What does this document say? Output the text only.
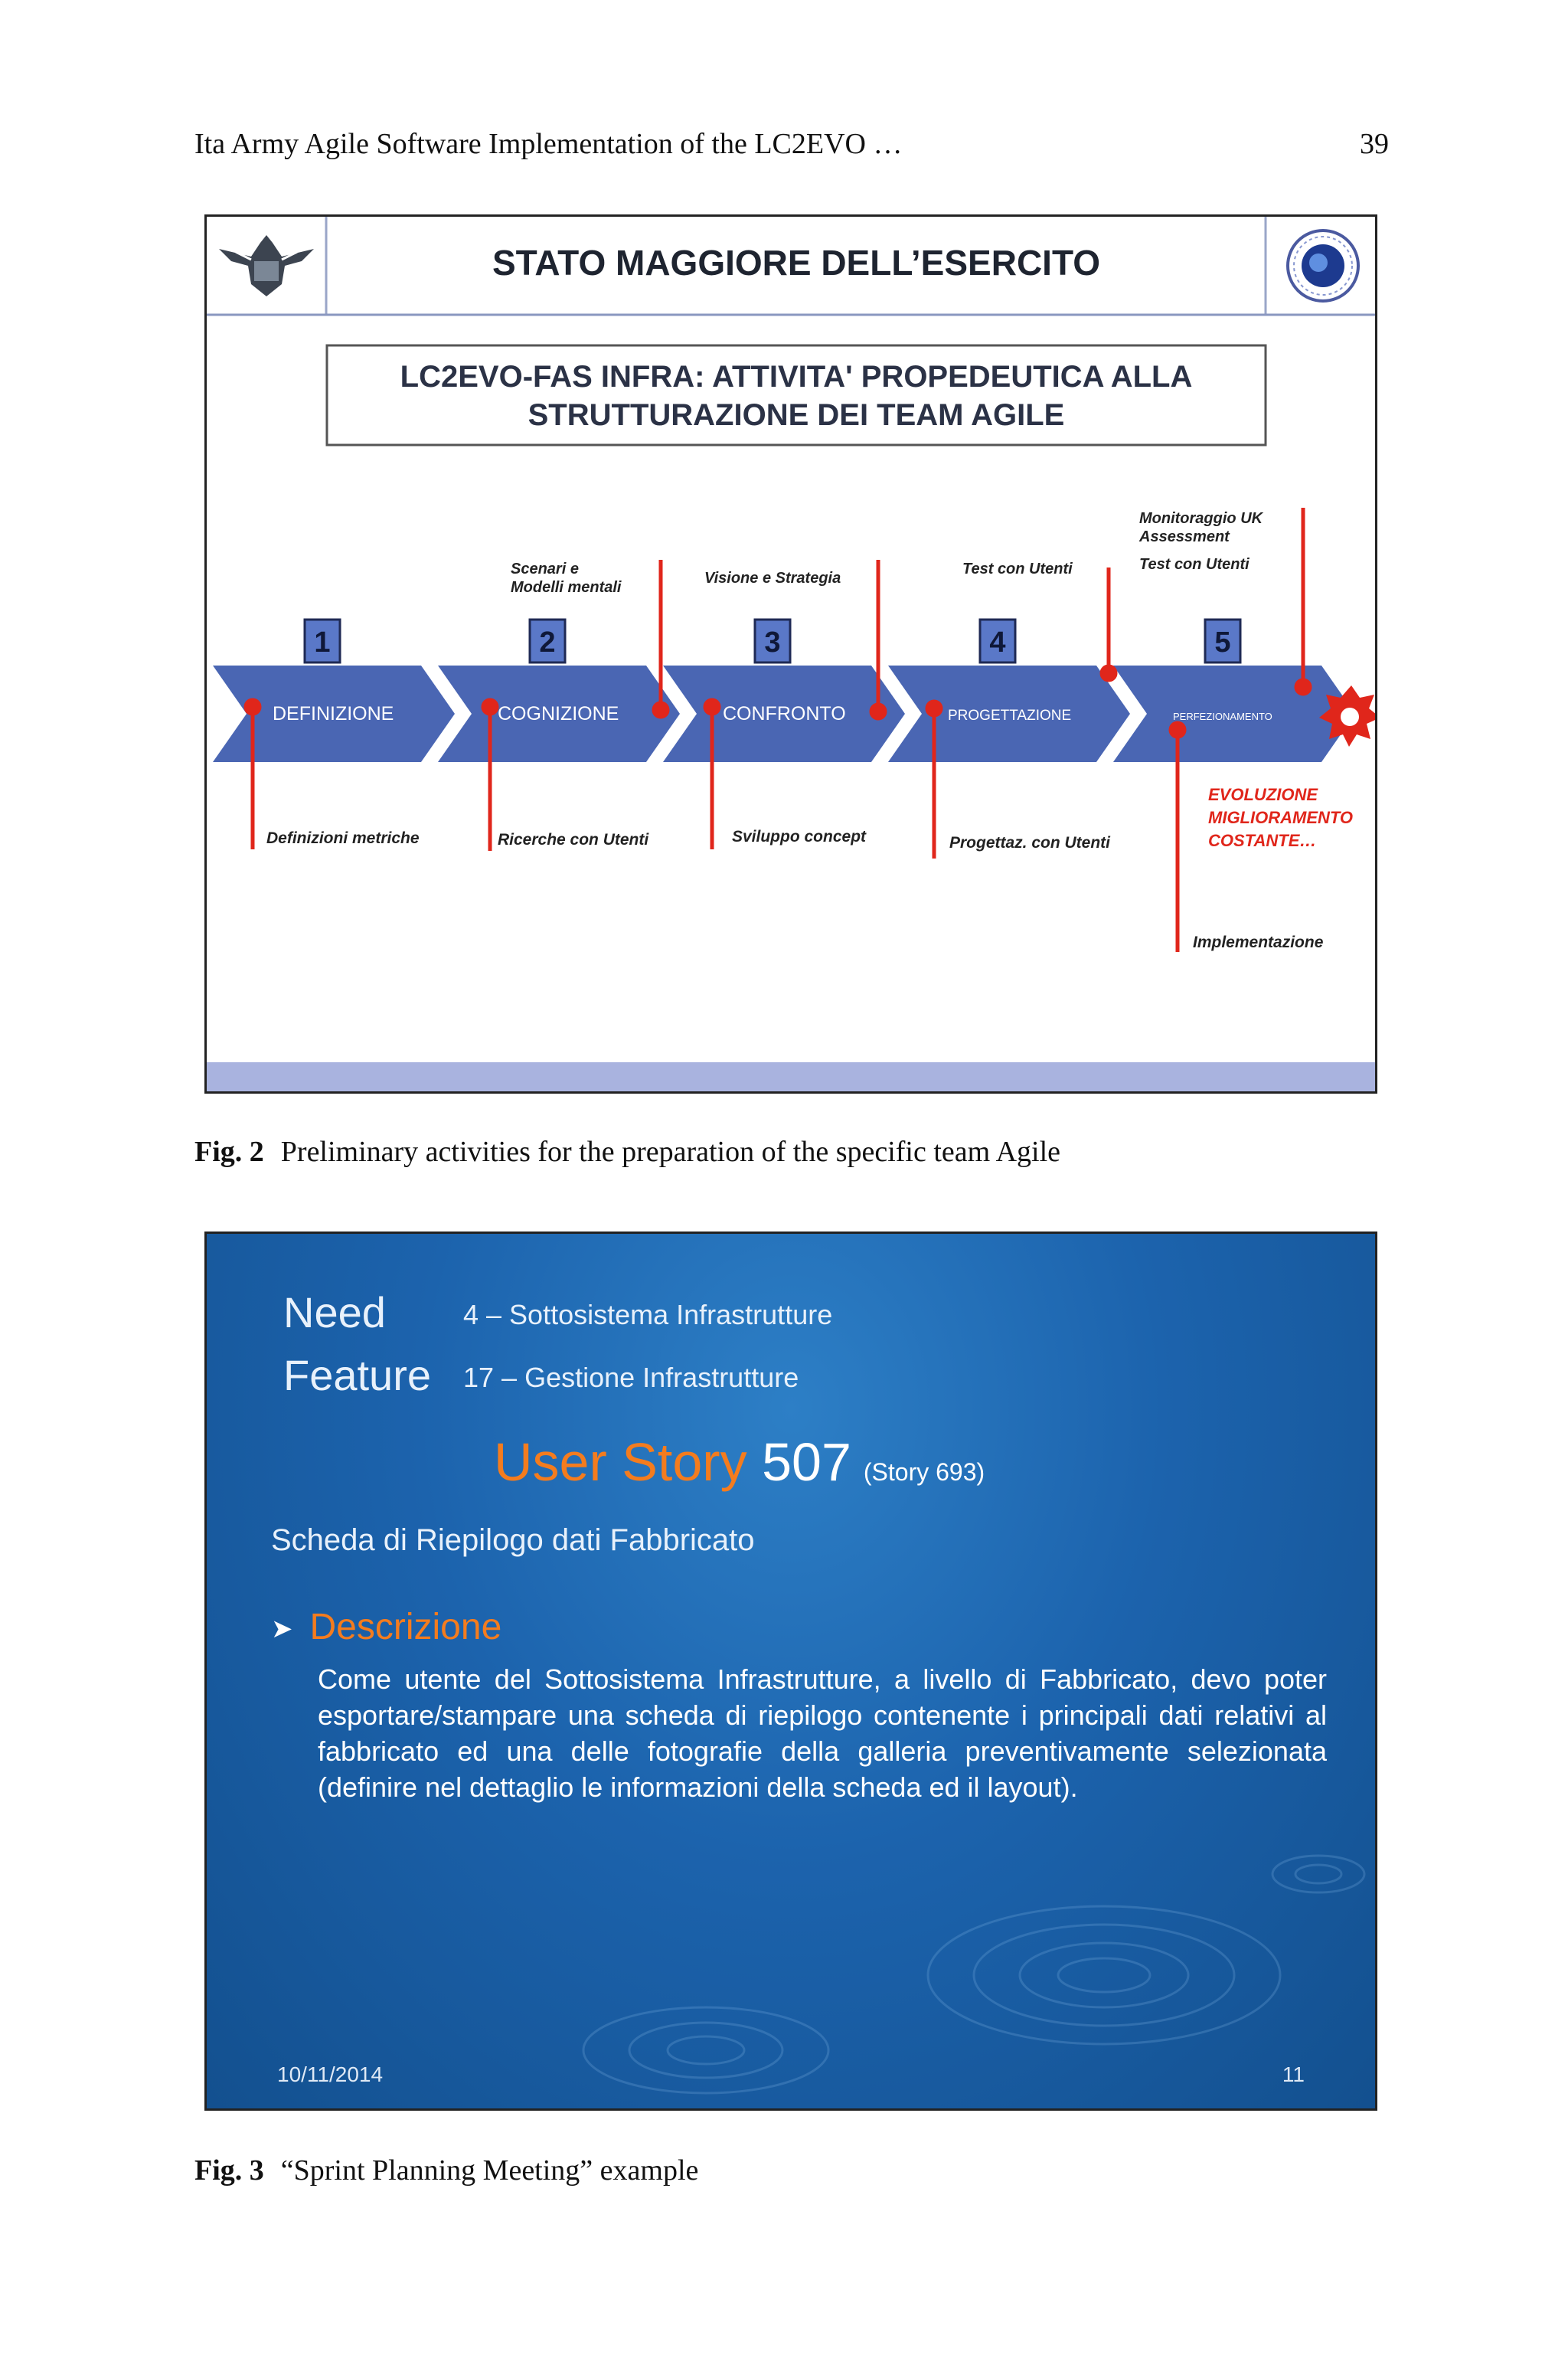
Ita Army Agile Software Implementation of the LC2EVO …	39
STATO MAGGIORE DELL’ESERCITO
LC2EVO-FAS INFRA: ATTIVITA' PROPEDEUTICA ALLA
STRUTTURAZIONE DEI TEAM AGILE
1
DEFINIZIONE
2
COGNIZIONE
3
CONFRONTO
4
PROGETTAZIONE
5
PERFEZIONAMENTO
Scenari e
Modelli mentali
Visione e Strategia
Test con Utenti
Monitoraggio UK
Assessment
Test con Utenti
Definizioni metriche	Ricerche con Utenti	Sviluppo concept	Progettaz. con Utenti
Implementazione
EVOLUZIONE
MIGLIORAMENTO
COSTANTE…
Fig. 2 Preliminary activities for the preparation of the specific team Agile
Need	4 – Sottosistema Infrastrutture
Feature 17 – Gestione Infrastrutture
User Story 507 (Story 693)
Scheda di Riepilogo dati Fabbricato
➤ Descrizione
Come utente del Sottosistema Infrastrutture, a livello di Fabbricato, devo poter esportare/stampare una scheda di riepilogo contenente i principali dati relativi al fabbricato ed una delle fotografie della galleria preventivamente selezionata (definire nel dettaglio le informazioni della scheda ed il layout).
10/11/2014	11
Fig. 3 “Sprint Planning Meeting” example
